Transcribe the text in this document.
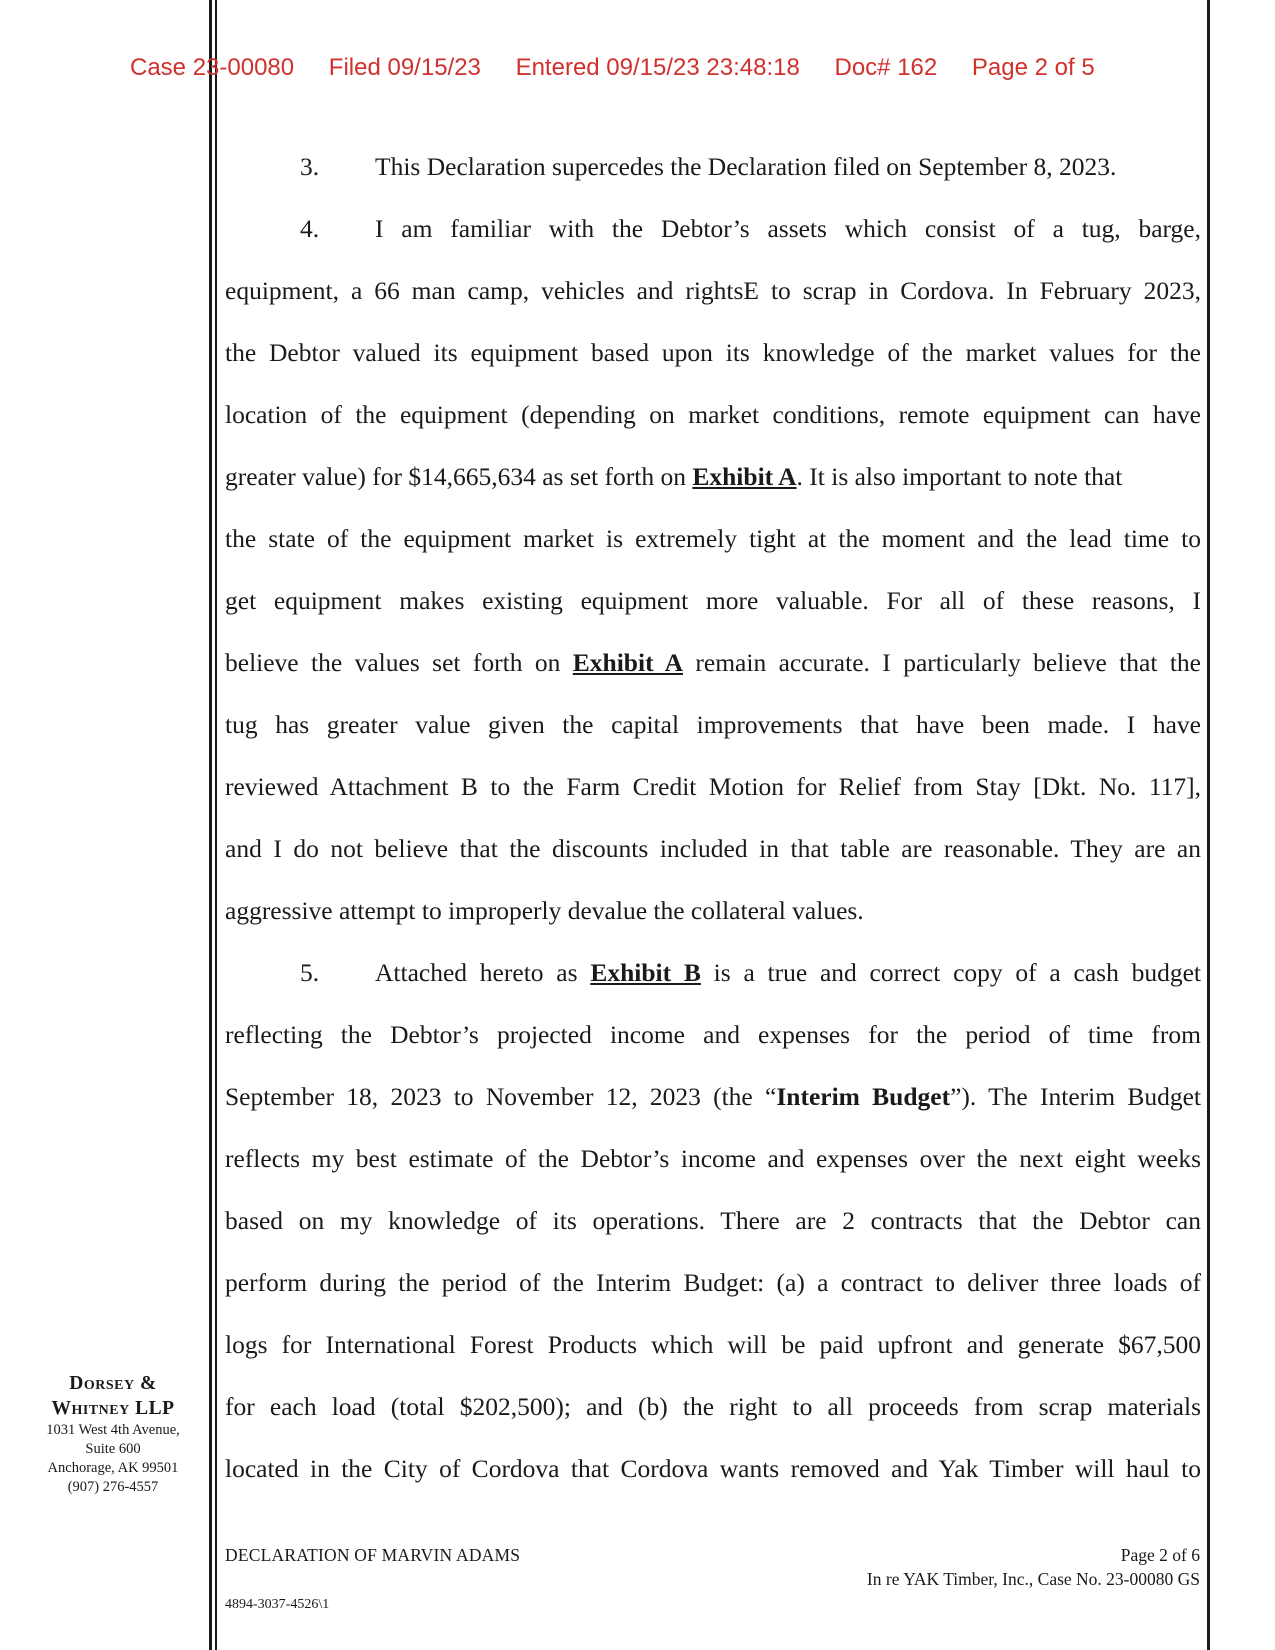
Case 23-00080 Filed 09/15/23 Entered 09/15/23 23:48:18 Doc# 162 Page 2 of 5
3. This Declaration supercedes the Declaration filed on September 8, 2023.
4. I am familiar with the Debtor’s assets which consist of a tug, barge,
equipment, a 66 man camp, vehicles and rightsE to scrap in Cordova. In February 2023,
the Debtor valued its equipment based upon its knowledge of the market values for the
location of the equipment (depending on market conditions, remote equipment can have
greater value) for $14,665,634 as set forth on Exhibit A. It is also important to note that
the state of the equipment market is extremely tight at the moment and the lead time to
get equipment makes existing equipment more valuable. For all of these reasons, I
believe the values set forth on Exhibit A remain accurate. I particularly believe that the
tug has greater value given the capital improvements that have been made. I have
reviewed Attachment B to the Farm Credit Motion for Relief from Stay [Dkt. No. 117],
and I do not believe that the discounts included in that table are reasonable. They are an
aggressive attempt to improperly devalue the collateral values.
5. Attached hereto as Exhibit B is a true and correct copy of a cash budget
reflecting the Debtor’s projected income and expenses for the period of time from
September 18, 2023 to November 12, 2023 (the “Interim Budget”). The Interim Budget
reflects my best estimate of the Debtor’s income and expenses over the next eight weeks
based on my knowledge of its operations. There are 2 contracts that the Debtor can
perform during the period of the Interim Budget: (a) a contract to deliver three loads of
logs for International Forest Products which will be paid upfront and generate $67,500
for each load (total $202,500); and (b) the right to all proceeds from scrap materials
located in the City of Cordova that Cordova wants removed and Yak Timber will haul to
Dorsey &
Whitney LLP
1031 West 4th Avenue,
Suite 600
Anchorage, AK 99501
(907) 276-4557
DECLARATION OF MARVIN ADAMS	Page 2 of 6
In re YAK Timber, Inc., Case No. 23-00080 GS
4894-3037-4526\1
